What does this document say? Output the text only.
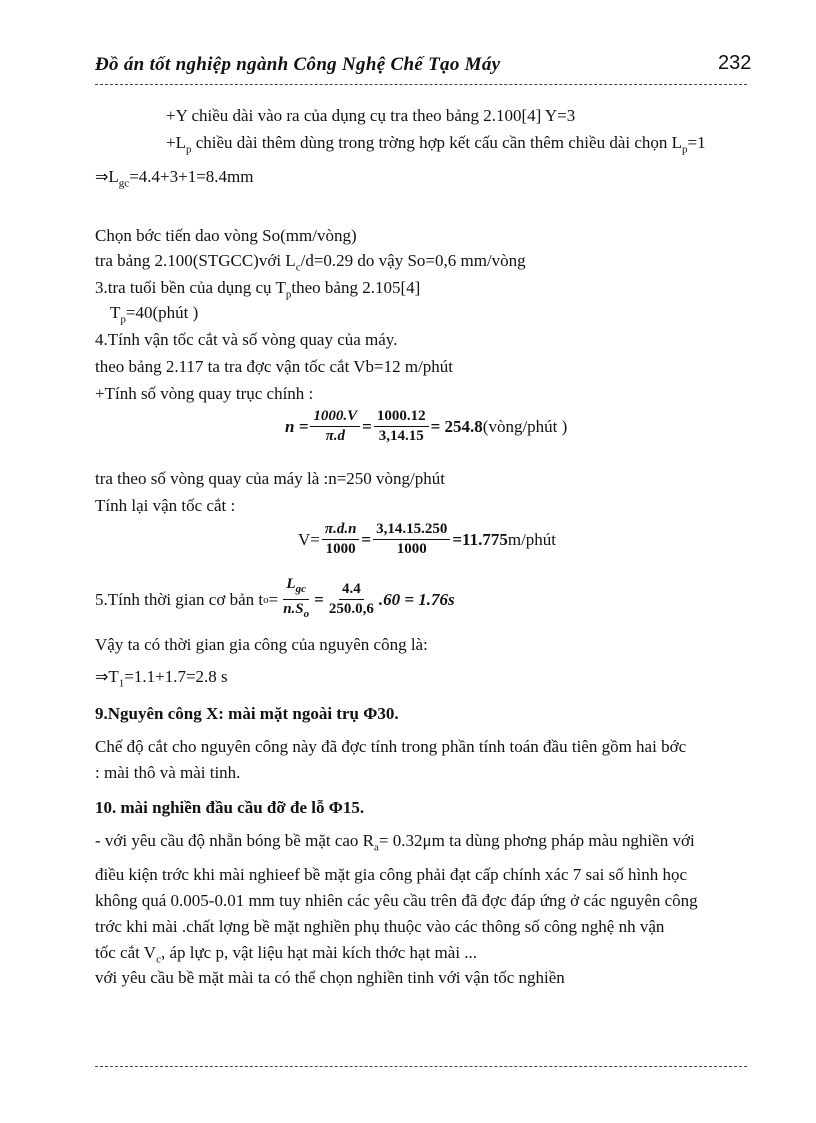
Đồ án tốt nghiệp ngành Công Nghệ Chế Tạo Máy	232
+Y chiều dài vào ra của dụng cụ tra theo bảng 2.100[4] Y=3
$+L_p$ chiều dài thêm dùng trong trờng hợp kết cấu cần thêm chiều dài chọn $L_p=1$
$\Rightarrow L_{gc}=4.4+3+1=8.4mm$
Chọn bớc tiến dao vòng So(mm/vòng)
tra bảng 2.100(STGCC)với $L_c/d=0.29$ do vậy So=0,6 mm/vòng
3.tra tuổi bền của dụng cụ $T_ptheo$ bảng 2.105[4]
$T_p=40(phút$ )
4.Tính vận tốc cắt và số vòng quay của máy.
theo bảng 2.117 ta tra đợc vận tốc cắt Vb=12 m/phút
+Tính số vòng quay trục chính :
$n = \frac{1000.V}{\pi.d} = \frac{1000.12}{3,14.15} = 254.8$ (vòng/phút )
tra theo số vòng quay của máy là :n=250 vòng/phút
Tính lại vận tốc cắt :
$V= \frac{\pi.d.n}{1000} = \frac{3,14.15.250}{1000} =11.775$ m/phút
5.Tính thời gian cơ bản t $o = \frac{L_{gc}}{n.S_o} = \frac{4.4}{250.0,6} .60 = 1.76s$
Vậy ta có thời gian gia công của nguyên công là:
$\Rightarrow T_1=1.1+1.7=2.8$ s
9.Nguyên công X: mài mặt ngoài trụ Φ30.
Chế độ cắt cho nguyên công này đã đợc tính trong phần tính toán đầu tiên gồm hai bớc
: mài thô và mài tinh.
10. mài nghiền đầu cầu đỡ đe lỗ Φ15.
- với yêu cầu độ nhẵn bóng bề mặt cao $R_a= 0.32\mu m$ ta dùng phơng pháp màu nghiền với
điều kiện trớc khi mài nghieef bề mặt gia công phải đạt cấp chính xác 7 sai số hình học
không quá 0.005-0.01 mm tuy nhiên các yêu cầu trên đã đợc đáp ứng ở các nguyên công
trớc khi mài .chất lợng bề mặt nghiền phụ thuộc vào các thông số công nghệ nh vận
tốc cắt $V_c$, áp lực p, vật liệu hạt mài kích thớc hạt mài ...
với yêu cầu bề mặt mài ta có thể chọn nghiền tinh với vận tốc nghiền
